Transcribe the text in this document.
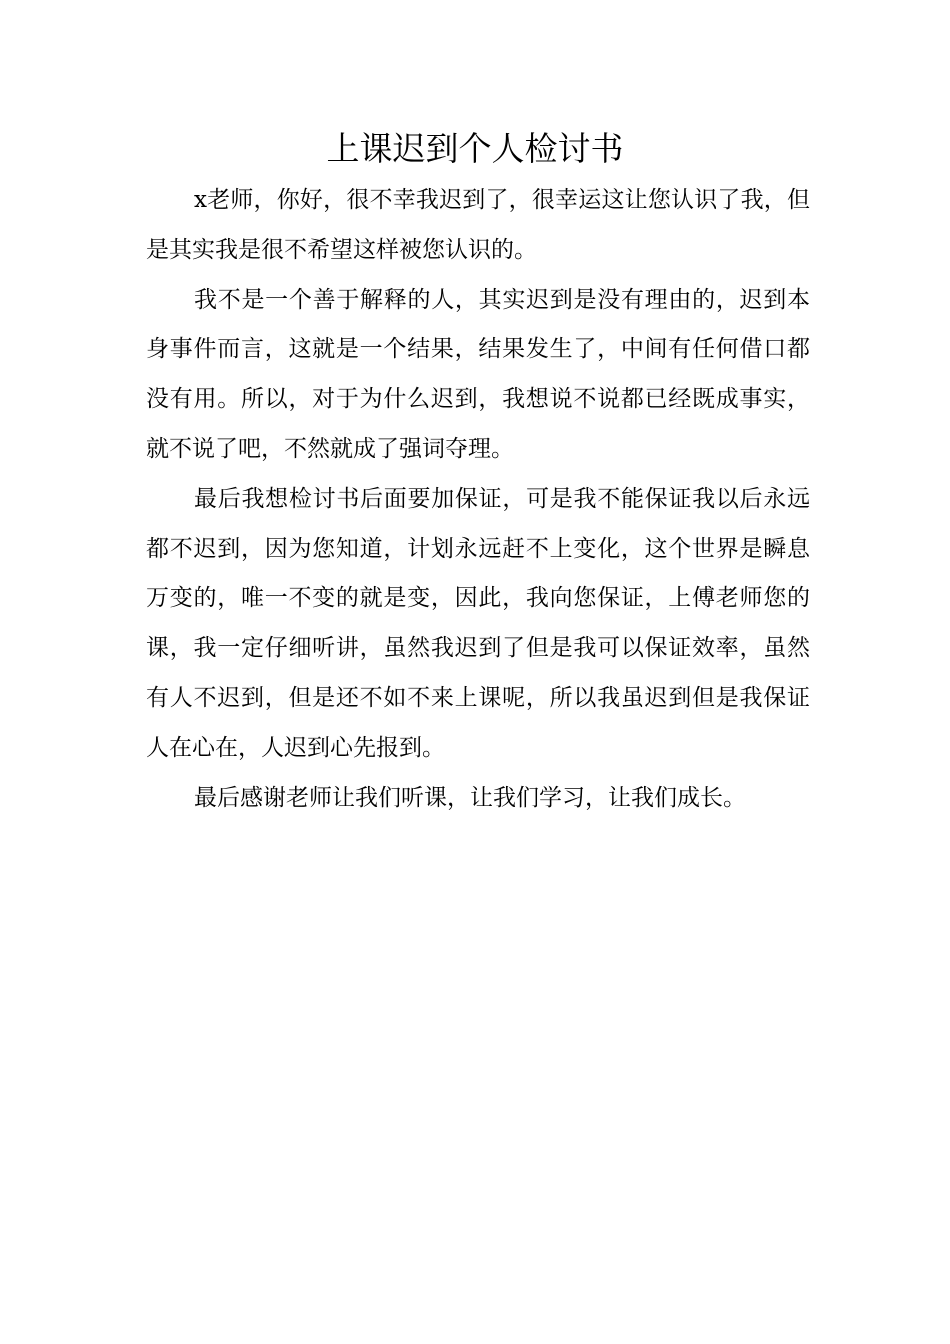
上课迟到个人检讨书

x老师，你好，很不幸我迟到了，很幸运这让您认识了我，但是其实我是很不希望这样被您认识的。

我不是一个善于解释的人，其实迟到是没有理由的，迟到本身事件而言，这就是一个结果，结果发生了，中间有任何借口都没有用。所以，对于为什么迟到，我想说不说都已经既成事实，就不说了吧，不然就成了强词夺理。

最后我想检讨书后面要加保证，可是我不能保证我以后永远都不迟到，因为您知道，计划永远赶不上变化，这个世界是瞬息万变的，唯一不变的就是变，因此，我向您保证，上傅老师您的课，我一定仔细听讲，虽然我迟到了但是我可以保证效率，虽然有人不迟到，但是还不如不来上课呢，所以我虽迟到但是我保证人在心在，人迟到心先报到。

最后感谢老师让我们听课，让我们学习，让我们成长。
